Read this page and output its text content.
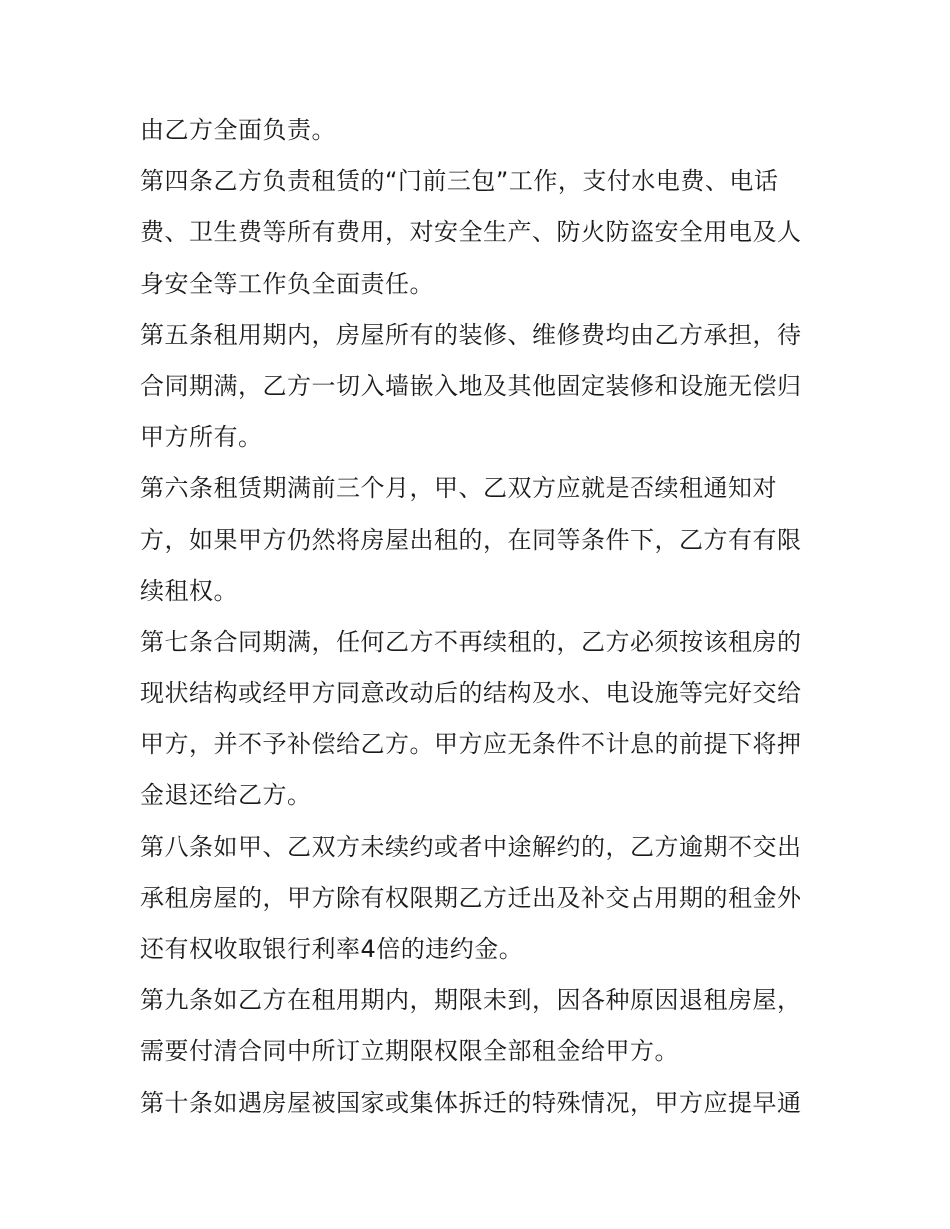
由乙方全面负责。
第四条乙方负责租赁的“门前三包”工作，支付水电费、电话
费、卫生费等所有费用，对安全生产、防火防盗安全用电及人
身安全等工作负全面责任。
第五条租用期内，房屋所有的装修、维修费均由乙方承担，待
合同期满，乙方一切入墙嵌入地及其他固定装修和设施无偿归
甲方所有。
第六条租赁期满前三个月，甲、乙双方应就是否续租通知对
方，如果甲方仍然将房屋出租的，在同等条件下，乙方有有限
续租权。
第七条合同期满，任何乙方不再续租的，乙方必须按该租房的
现状结构或经甲方同意改动后的结构及水、电设施等完好交给
甲方，并不予补偿给乙方。甲方应无条件不计息的前提下将押
金退还给乙方。
第八条如甲、乙双方未续约或者中途解约的，乙方逾期不交出
承租房屋的，甲方除有权限期乙方迁出及补交占用期的租金外
还有权收取银行利率4倍的违约金。
第九条如乙方在租用期内，期限未到，因各种原因退租房屋，
需要付清合同中所订立期限权限全部租金给甲方。
第十条如遇房屋被国家或集体拆迁的特殊情况，甲方应提早通
